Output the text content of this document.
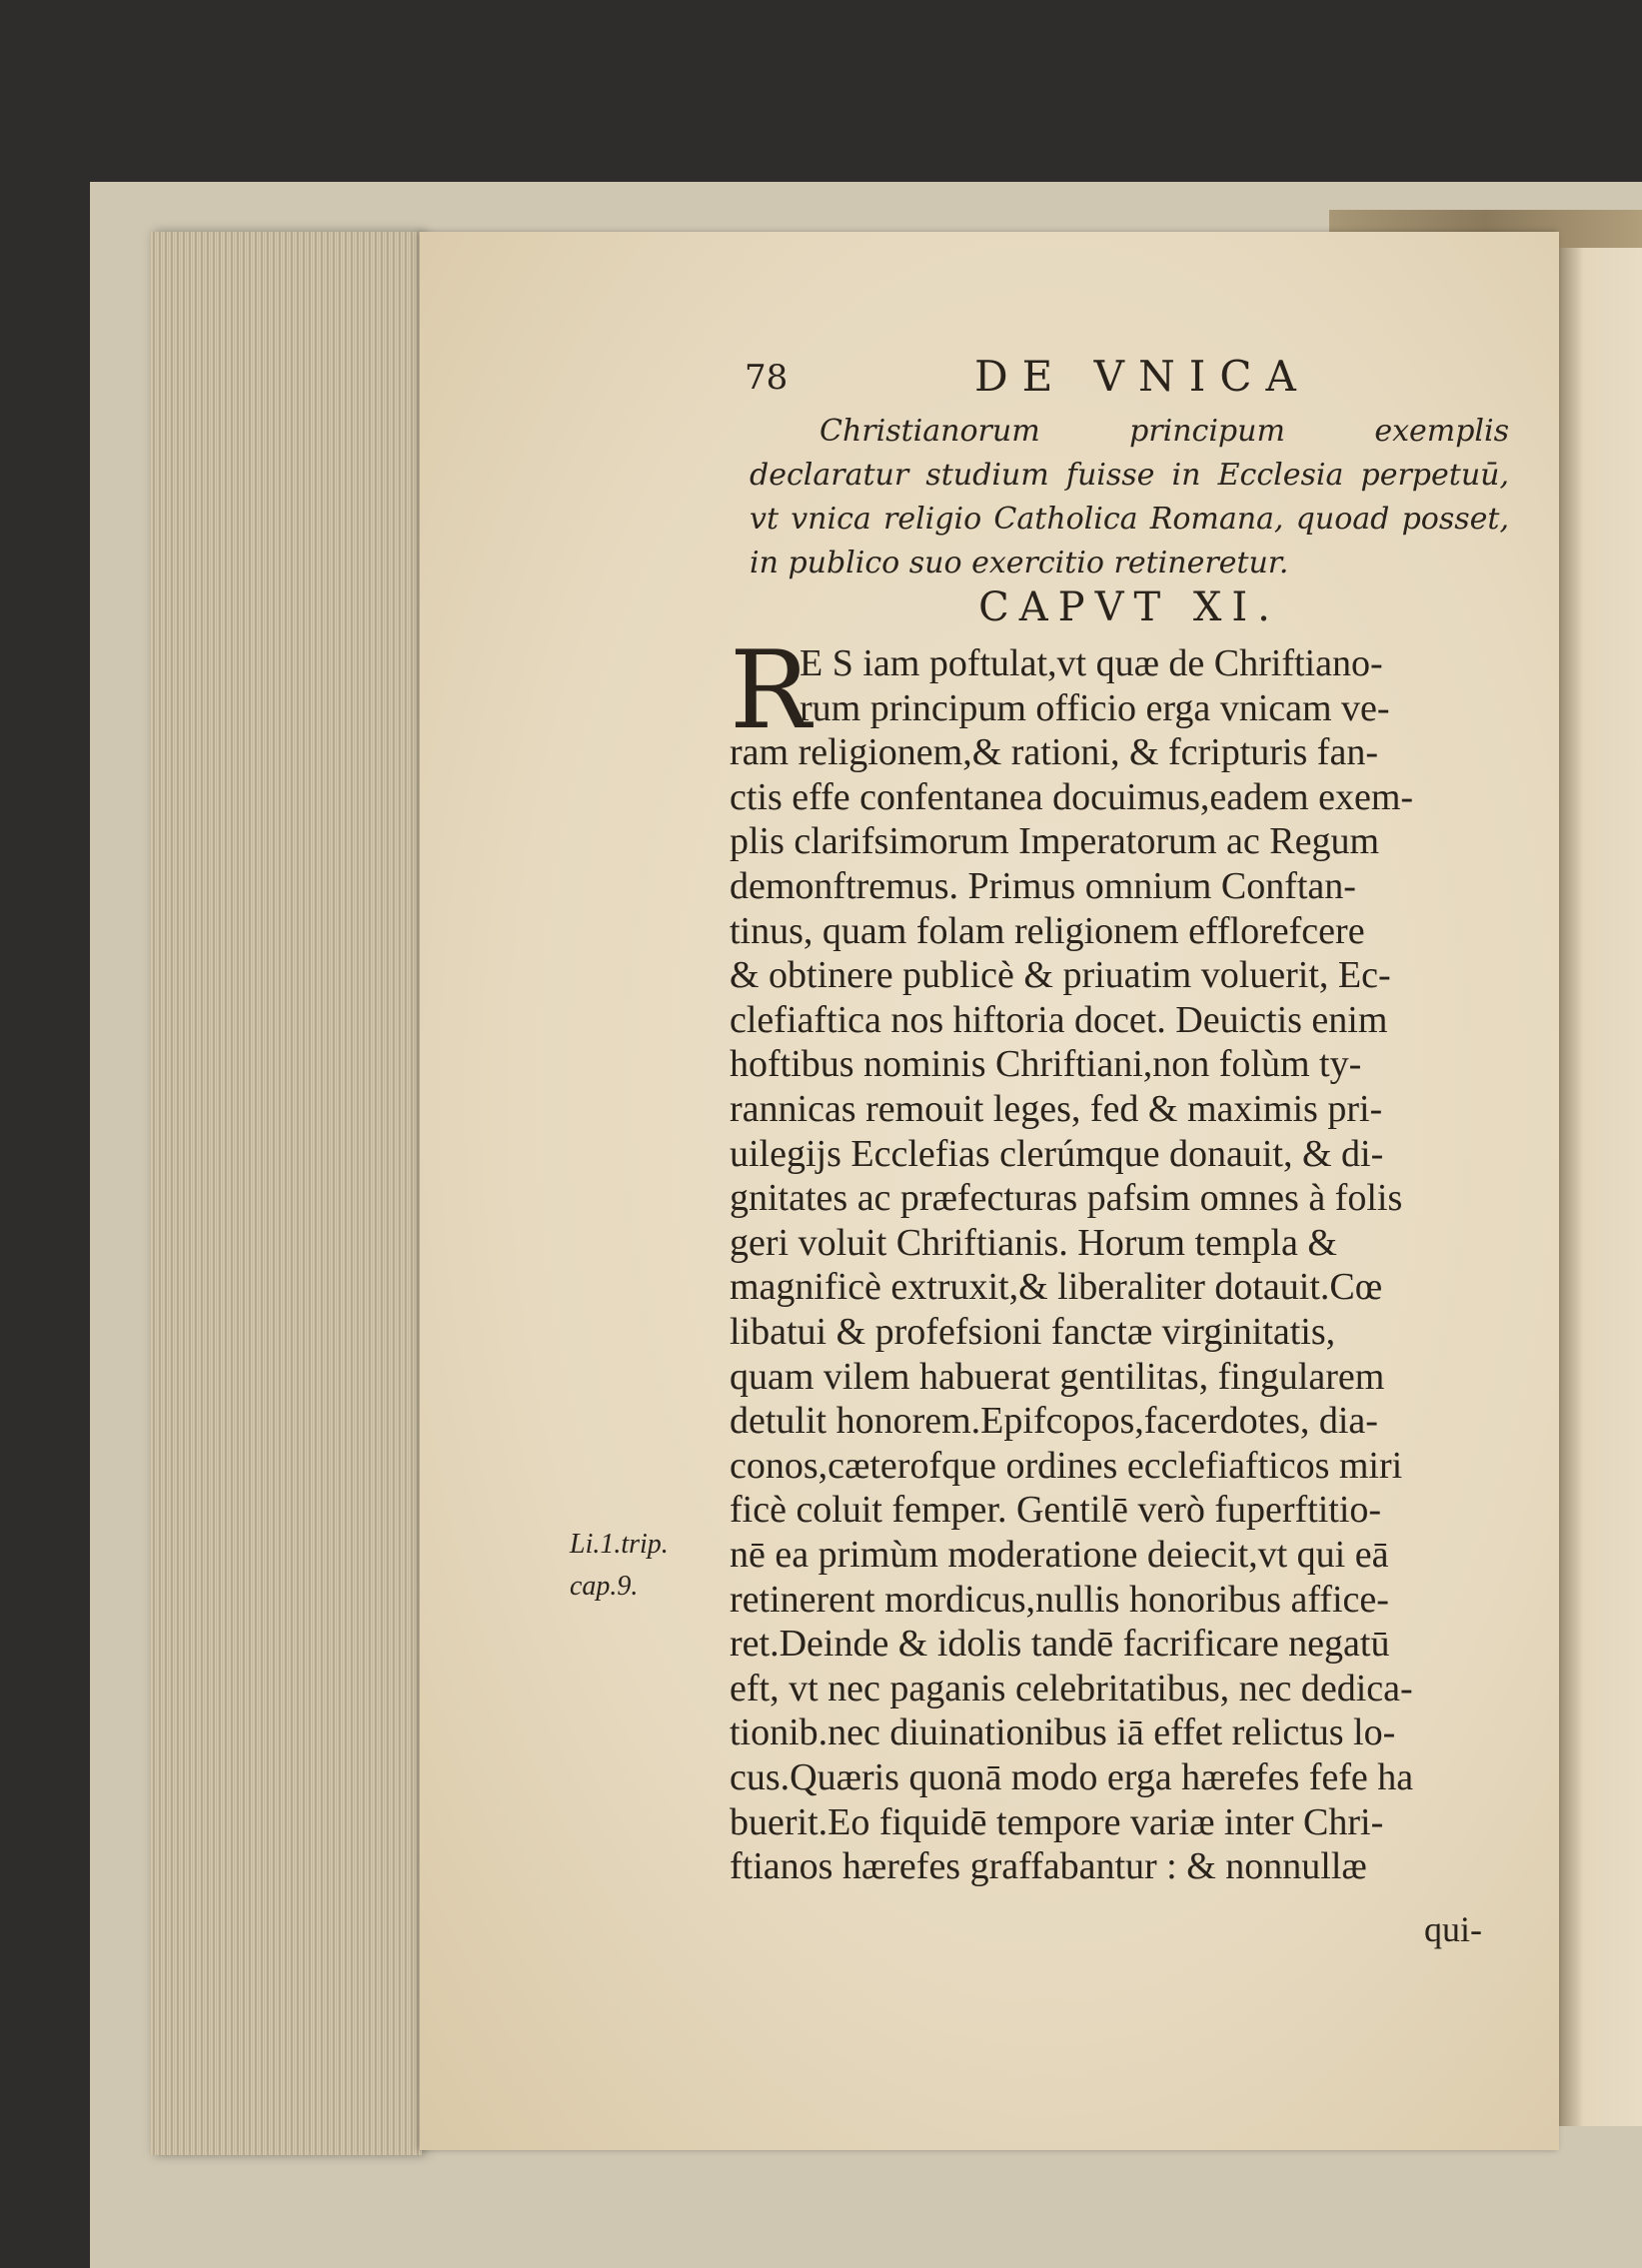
78	DE VNICA
Christianorum principum exemplis declaratur studium fuisse in Ecclesia perpetuū, vt vnica religio Catholica Romana, quoad posset, in publico suo exercitio retineretur.
CAPVT XI.
R
E S iam poftulat,vt quæ de Chriftiano-
rum principum officio erga vnicam ve-
ram religionem,& rationi, & fcripturis fan-
ctis effe confentanea docuimus,eadem exem-
plis clarifsimorum Imperatorum ac Regum
demonftremus. Primus omnium Conftan-
tinus, quam folam religionem efflorefcere
& obtinere publicè & priuatim voluerit, Ec-
clefiaftica nos hiftoria docet. Deuictis enim
hoftibus nominis Chriftiani,non folùm ty-
rannicas remouit leges, fed & maximis pri-
uilegijs Ecclefias clerúmque donauit, & di-
gnitates ac præfecturas pafsim omnes à folis
geri voluit Chriftianis. Horum templa &
magnificè extruxit,& liberaliter dotauit.Cœ
libatui & profefsioni fanctæ virginitatis,
quam vilem habuerat gentilitas, fingularem
detulit honorem.Epifcopos,facerdotes, dia-
conos,cæterofque ordines ecclefiafticos miri
ficè coluit femper. Gentilē verò fuperftitio-
nē ea primùm moderatione deiecit,vt qui eā
retinerent mordicus,nullis honoribus affice-
ret.Deinde & idolis tandē facrificare negatū
eft, vt nec paganis celebritatibus, nec dedica-
tionib.nec diuinationibus iā effet relictus lo-
cus.Quæris quonā modo erga hærefes fefe ha
buerit.Eo fiquidē tempore variæ inter Chri-
ftianos hærefes graffabantur : & nonnullæ
Li.1.trip.
cap.9.
qui-
